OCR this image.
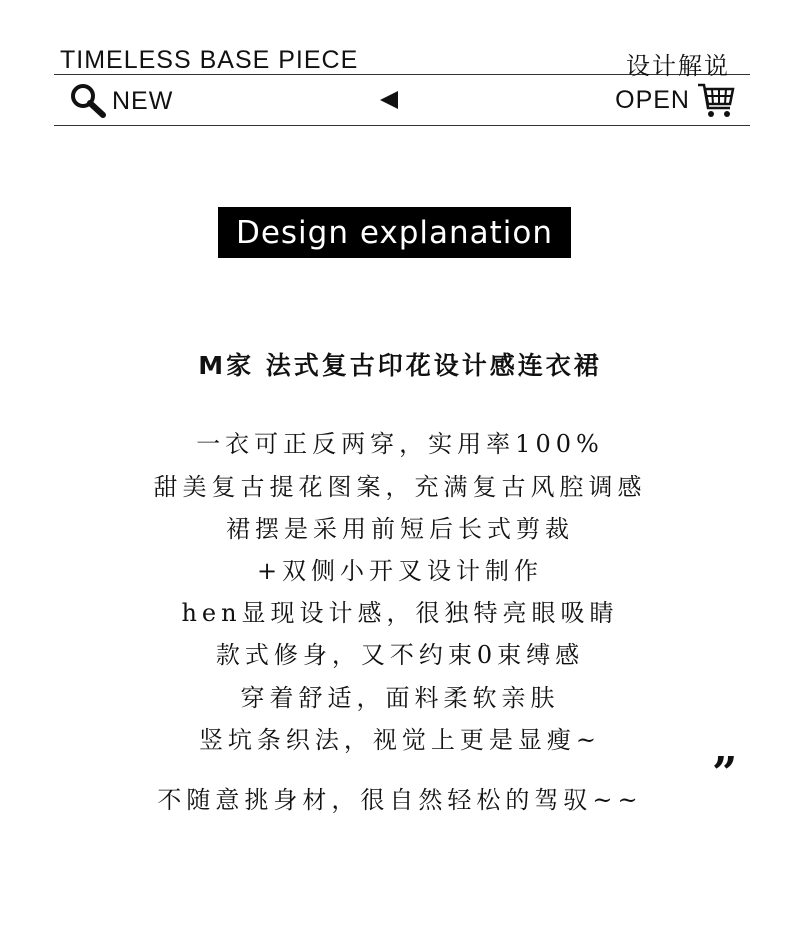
TIMELESS BASE PIECE	设计解说
NEW	OPEN
Design explanation
M家 法式复古印花设计感连衣裙
一衣可正反两穿，实用率100%
甜美复古提花图案，充满复古风腔调感
裙摆是采用前短后长式剪裁
+双侧小开叉设计制作
hen显现设计感，很独特亮眼吸睛
款式修身，又不约束0束缚感
穿着舒适，面料柔软亲肤
竖坑条织法，视觉上更是显瘦~
不随意挑身材，很自然轻松的驾驭~~
”
